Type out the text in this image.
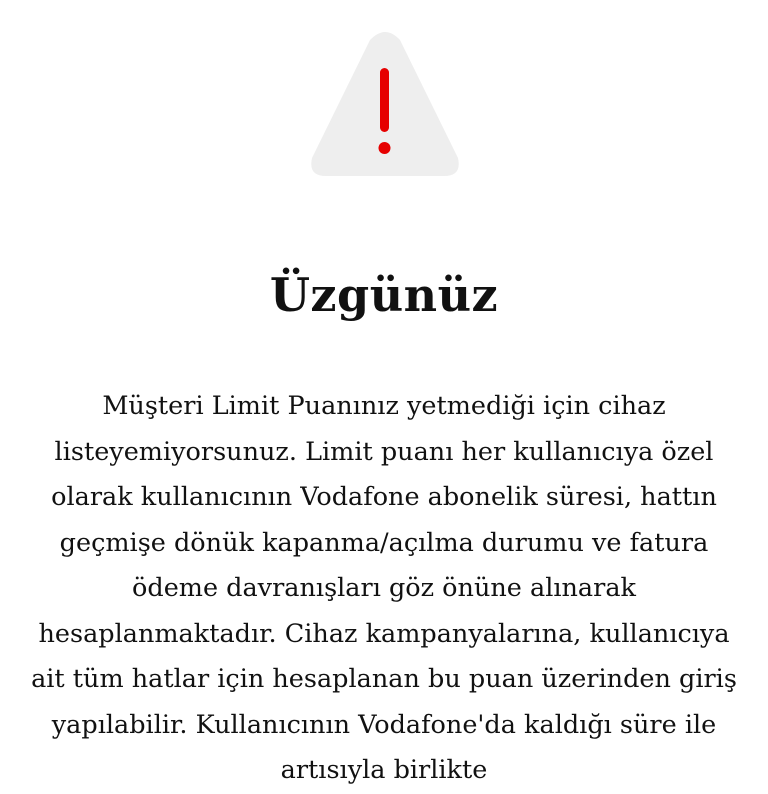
Üzgünüz

Müşteri Limit Puanınız yetmediği için cihaz listeyemiyorsunuz. Limit puanı her kullanıcıya özel olarak kullanıcının Vodafone abonelik süresi, hattın geçmişe dönük kapanma/açılma durumu ve fatura ödeme davranışları göz önüne alınarak hesaplanmaktadır. Cihaz kampanyalarına, kullanıcıya ait tüm hatlar için hesaplanan bu puan üzerinden giriş yapılabilir. Kullanıcının Vodafone'da kaldığı süre ile artısıyla birlikte
